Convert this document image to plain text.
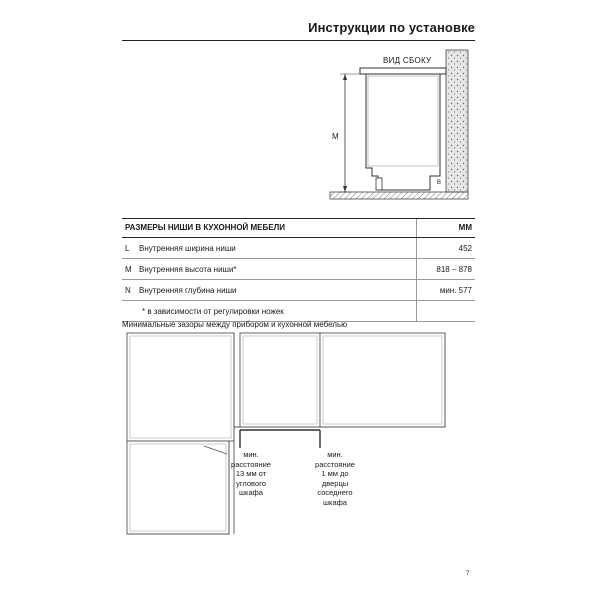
Инструкции по установке
ВИД СБОКУ
M
B
РАЗМЕРЫ НИШИ В КУХОННОЙ МЕБЕЛИ		MM
L	Внутренняя ширина ниши	452
M	Внутренняя высота ниши*	818 – 878
N	Внутренняя глубина ниши	мин. 577
* в зависимости от регулировки ножек		
Минимальные зазоры между прибором и кухонной мебелью
мин. расстояние 13 мм от углового шкафа
мин. расстояние 1 мм до дверцы соседнего шкафа
7
